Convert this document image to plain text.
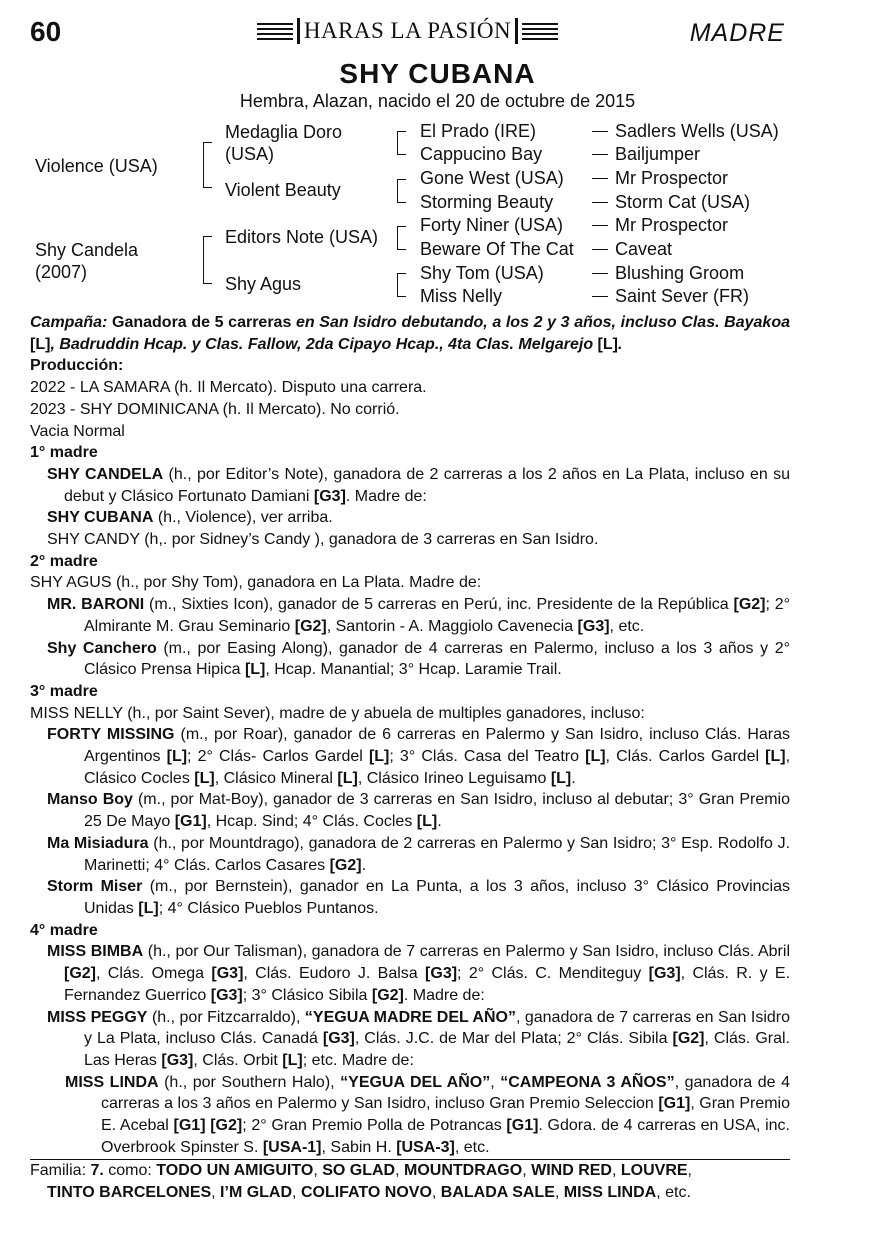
60	HARAS LA PASIÓN	MADRE
SHY CUBANA
Hembra, Alazan, nacido el 20 de octubre de 2015
Violence (USA)
Shy Candela (2007)
Medaglia Doro (USA)
Violent Beauty
Editors Note (USA)
Shy Agus
El Prado (IRE)
Cappucino Bay
Gone West (USA)
Storming Beauty
Forty Niner (USA)
Beware Of The Cat
Shy Tom (USA)
Miss Nelly
Sadlers Wells (USA)
Bailjumper
Mr Prospector
Storm Cat (USA)
Mr Prospector
Caveat
Blushing Groom
Saint Sever (FR)

Campaña: Ganadora de 5 carreras en San Isidro debutando, a los 2 y 3 años, incluso Clas. Bayakoa [L], Badruddin Hcap. y Clas. Fallow, 2da Cipayo Hcap., 4ta Clas. Melgarejo [L].

Producción:

2022 - LA SAMARA (h. Il Mercato). Disputo una carrera.

2023 - SHY DOMINICANA (h. Il Mercato). No corrió.

Vacia Normal

1° madre

SHY CANDELA (h., por Editor’s Note), ganadora de 2 carreras a los 2 años en La Plata, incluso en su debut y Clásico Fortunato Damiani [G3]. Madre de:

SHY CUBANA (h., Violence), ver arriba.

SHY CANDY (h,. por Sidney’s Candy ), ganadora de 3 carreras en San Isidro.

2° madre

SHY AGUS (h., por Shy Tom), ganadora en La Plata. Madre de:

MR. BARONI (m., Sixties Icon), ganador de 5 carreras en Perú, inc. Presidente de la República [G2]; 2° Almirante M. Grau Seminario [G2], Santorin - A. Maggiolo Cavenecia [G3], etc.

Shy Canchero (m., por Easing Along), ganador de 4 carreras en Palermo, incluso a los 3 años y 2° Clásico Prensa Hipica [L], Hcap. Manantial; 3° Hcap. Laramie Trail.

3° madre

MISS NELLY (h., por Saint Sever), madre de y abuela de multiples ganadores, incluso:

FORTY MISSING (m., por Roar), ganador de 6 carreras en Palermo y San Isidro, incluso Clás. Haras Argentinos [L]; 2° Clás- Carlos Gardel [L]; 3° Clás. Casa del Teatro [L], Clás. Carlos Gardel [L], Clásico Cocles [L], Clásico Mineral [L], Clásico Irineo Leguisamo [L].

Manso Boy (m., por Mat-Boy), ganador de 3 carreras en San Isidro, incluso al debutar; 3° Gran Premio 25 De Mayo [G1], Hcap. Sind; 4° Clás. Cocles [L].

Ma Misiadura (h., por Mountdrago), ganadora de 2 carreras en Palermo y San Isidro; 3° Esp. Rodolfo J. Marinetti; 4° Clás. Carlos Casares [G2].

Storm Miser (m., por Bernstein), ganador en La Punta, a los 3 años, incluso 3° Clásico Provincias Unidas [L]; 4° Clásico Pueblos Puntanos.

4° madre

MISS BIMBA (h., por Our Talisman), ganadora de 7 carreras en Palermo y San Isidro, incluso Clás. Abril [G2], Clás. Omega [G3], Clás. Eudoro J. Balsa [G3]; 2° Clás. C. Menditeguy [G3], Clás. R. y E. Fernandez Guerrico [G3]; 3° Clásico Sibila [G2]. Madre de:

MISS PEGGY (h., por Fitzcarraldo), “YEGUA MADRE DEL AÑO”, ganadora de 7 carreras en San Isidro y La Plata, incluso Clás. Canadá [G3], Clás. J.C. de Mar del Plata; 2° Clás. Sibila [G2], Clás. Gral. Las Heras [G3], Clás. Orbit [L]; etc. Madre de:

MISS LINDA (h., por Southern Halo), “YEGUA DEL AÑO”, “CAMPEONA 3 AÑOS”, ganadora de 4 carreras a los 3 años en Palermo y San Isidro, incluso Gran Premio Seleccion [G1], Gran Premio E. Acebal [G1] [G2]; 2° Gran Premio Polla de Potrancas [G1]. Gdora. de 4 carreras en USA, inc. Overbrook Spinster S. [USA-1], Sabin H. [USA-3], etc.

Familia: 7. como: TODO UN AMIGUITO, SO GLAD, MOUNTDRAGO, WIND RED, LOUVRE,

TINTO BARCELONES, I’M GLAD, COLIFATO NOVO, BALADA SALE, MISS LINDA, etc.
